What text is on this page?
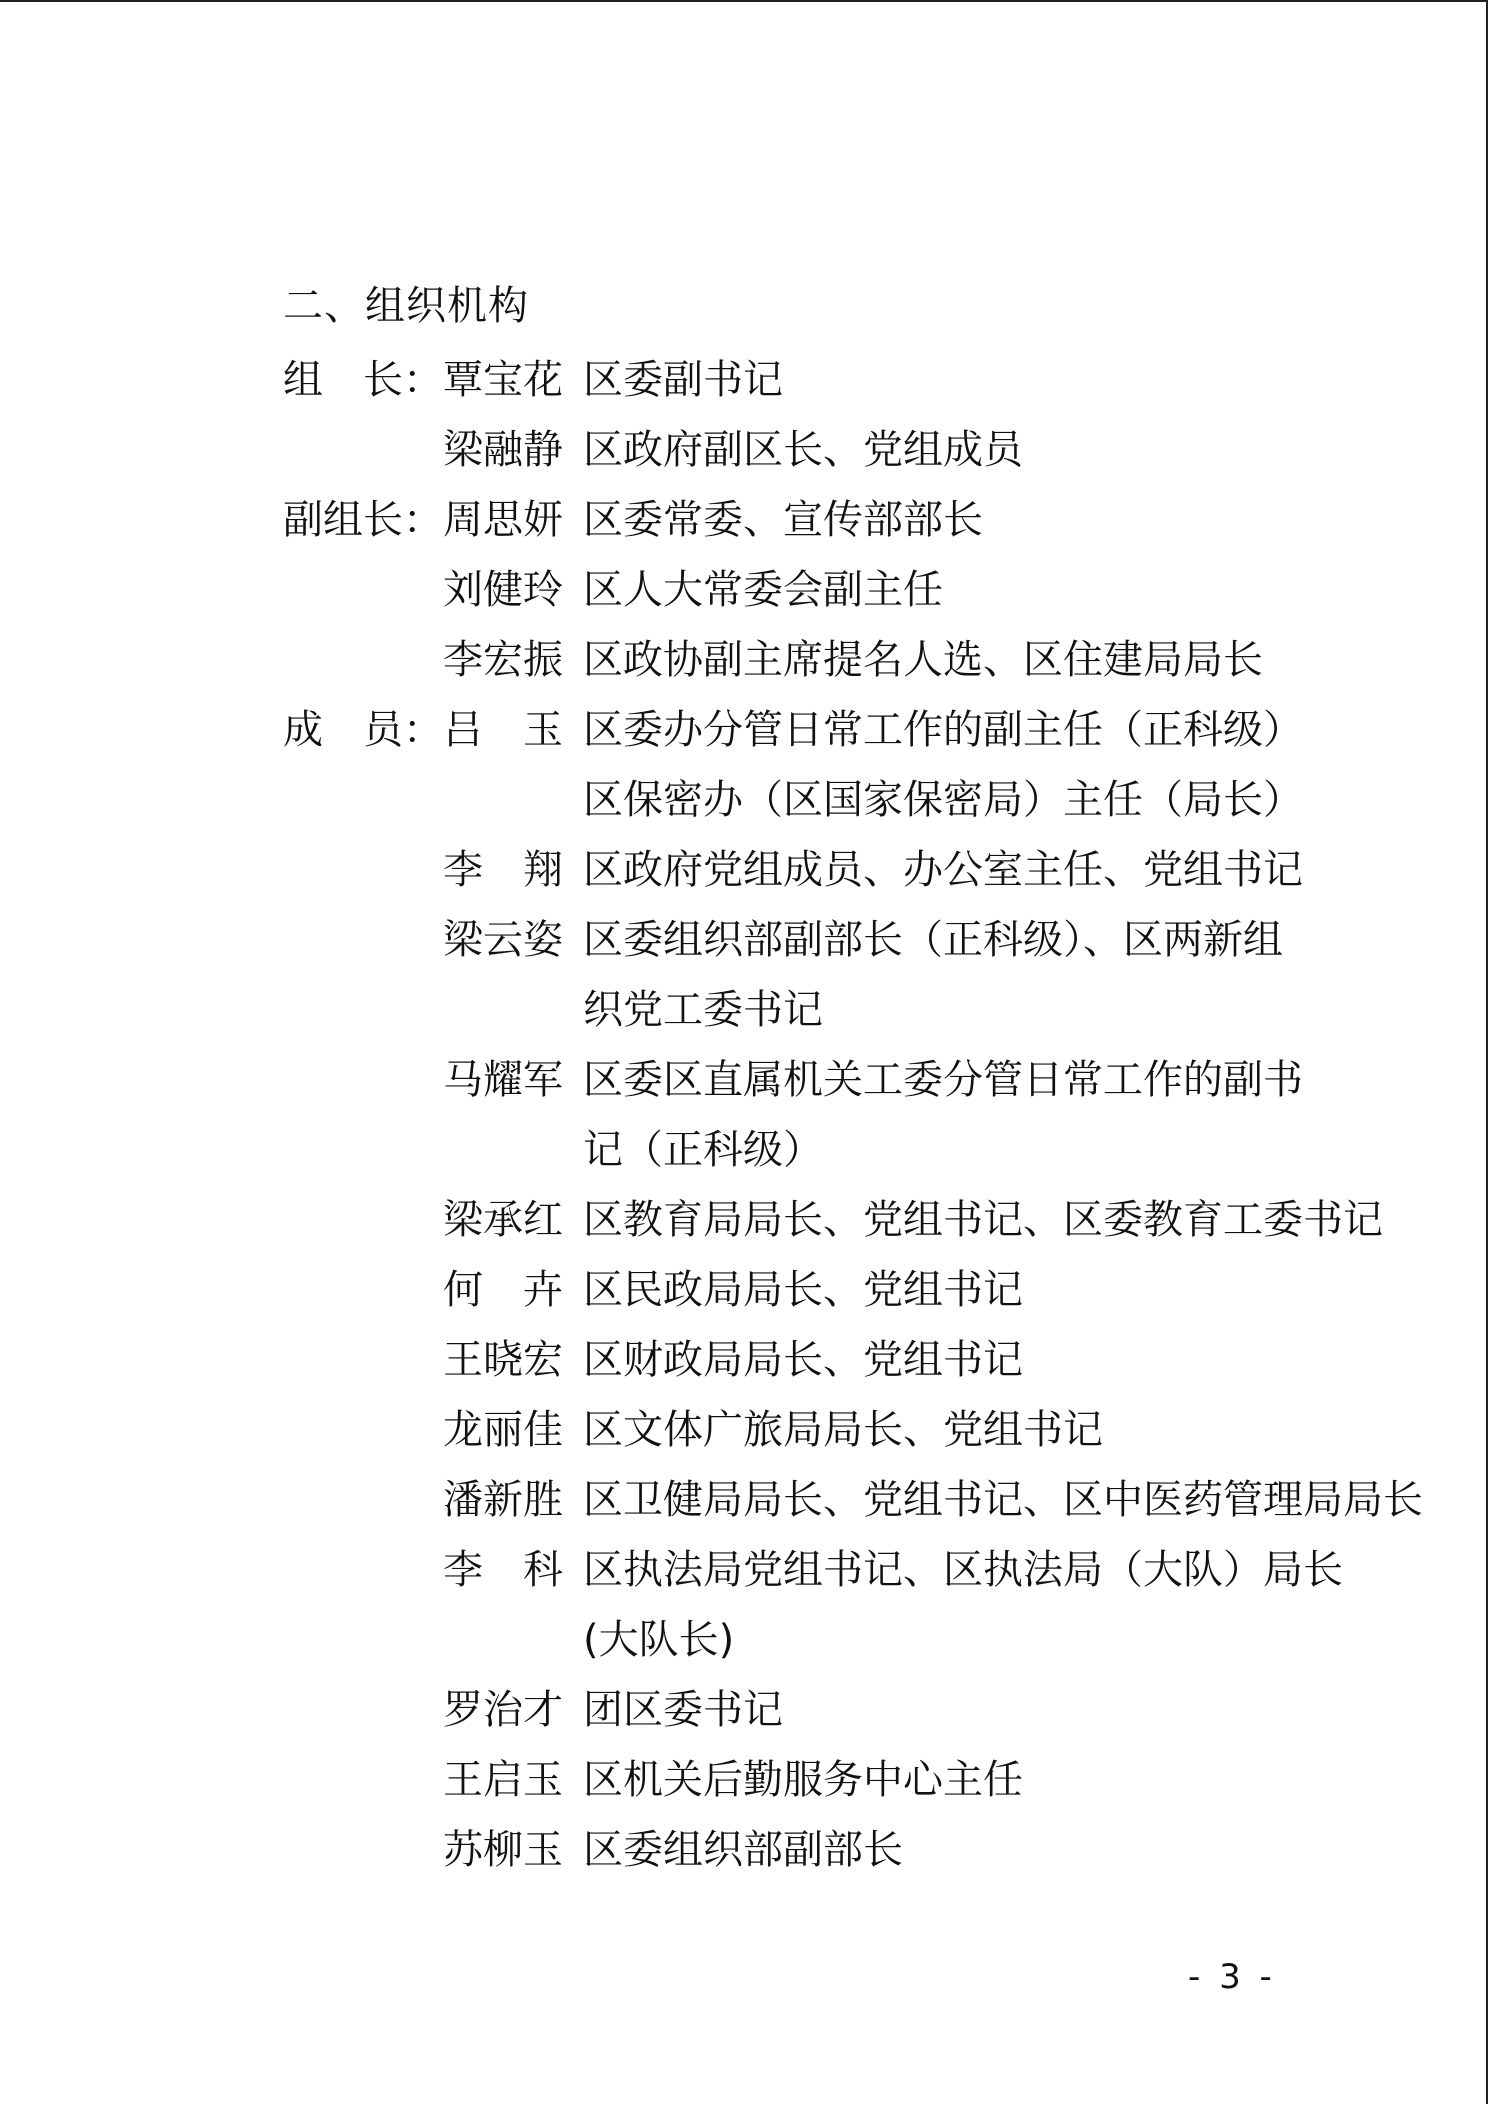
二、组织机构
组　长： 覃宝花 区委副书记
梁融静 区政府副区长、党组成员
副组长： 周思妍 区委常委、宣传部部长
刘健玲 区人大常委会副主任
李宏振 区政协副主席提名人选、区住建局局长
成　员： 吕　玉 区委办分管日常工作的副主任（正科级）
区保密办（区国家保密局）主任（局长）
李　翔 区政府党组成员、办公室主任、党组书记
梁云姿 区委组织部副部长（正科级）、区两新组
织党工委书记
马耀军 区委区直属机关工委分管日常工作的副书
记（正科级）
梁承红 区教育局局长、党组书记、区委教育工委书记
何　卉 区民政局局长、党组书记
王晓宏 区财政局局长、党组书记
龙丽佳 区文体广旅局局长、党组书记
潘新胜 区卫健局局长、党组书记、区中医药管理局局长
李　科 区执法局党组书记、区执法局（大队）局长
(大队长)
罗治才 团区委书记
王启玉 区机关后勤服务中心主任
苏柳玉 区委组织部副部长
- 3 -
